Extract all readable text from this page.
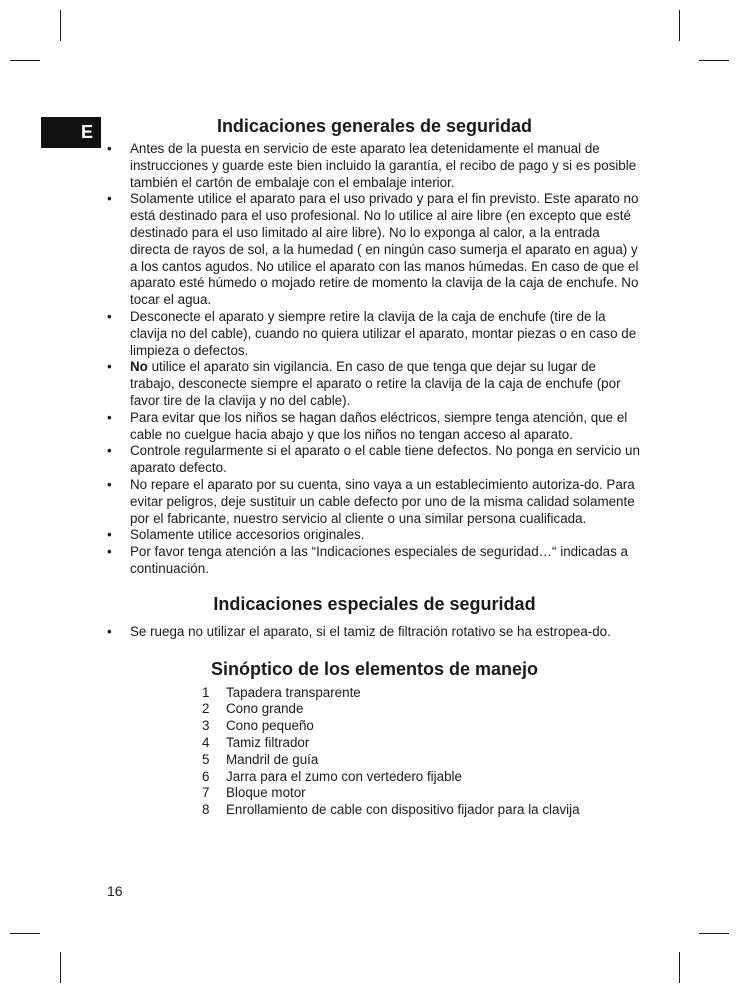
E	Indicaciones generales de seguridad
• Antes de la puesta en servicio de este aparato lea detenidamente el manual de instrucciones y guarde este bien incluido la garantía, el recibo de pago y si es posible también el cartón de embalaje con el embalaje interior.
• Solamente utilice el aparato para el uso privado y para el fin previsto. Este aparato no está destinado para el uso profesional. No lo utilice al aire libre (en excepto que esté destinado para el uso limitado al aire libre). No lo exponga al calor, a la entrada directa de rayos de sol, a la humedad ( en ningún caso sumerja el aparato en agua) y a los cantos agudos. No utilice el aparato con las manos húmedas. En caso de que el aparato esté húmedo o mojado retire de momento la clavija de la caja de enchufe. No tocar el agua.
• Desconecte el aparato y siempre retire la clavija de la caja de enchufe (tire de la clavija no del cable), cuando no quiera utilizar el aparato, montar piezas o en caso de limpieza o defectos.
• No utilice el aparato sin vigilancia. En caso de que tenga que dejar su lugar de trabajo, desconecte siempre el aparato o retire la clavija de la caja de enchufe (por favor tire de la clavija y no del cable).
• Para evitar que los niños se hagan daños eléctricos, siempre tenga atención, que el cable no cuelgue hacia abajo y que los niños no tengan acceso al aparato.
• Controle regularmente si el aparato o el cable tiene defectos. No ponga en servicio un aparato defecto.
• No repare el aparato por su cuenta, sino vaya a un establecimiento autoriza-do. Para evitar peligros, deje sustituir un cable defecto por uno de la misma calidad solamente por el fabricante, nuestro servicio al cliente o una similar persona cualificada.
• Solamente utilice accesorios originales.
• Por favor tenga atención a las “Indicaciones especiales de seguridad…“ indicadas a continuación.
Indicaciones especiales de seguridad
• Se ruega no utilizar el aparato, si el tamiz de filtración rotativo se ha estropea-do.
Sinóptico de los elementos de manejo
1 Tapadera transparente
2 Cono grande
3 Cono pequeño
4 Tamiz filtrador
5 Mandril de guía
6 Jarra para el zumo con vertedero fijable
7 Bloque motor
8 Enrollamiento de cable con dispositivo fijador para la clavija
16
